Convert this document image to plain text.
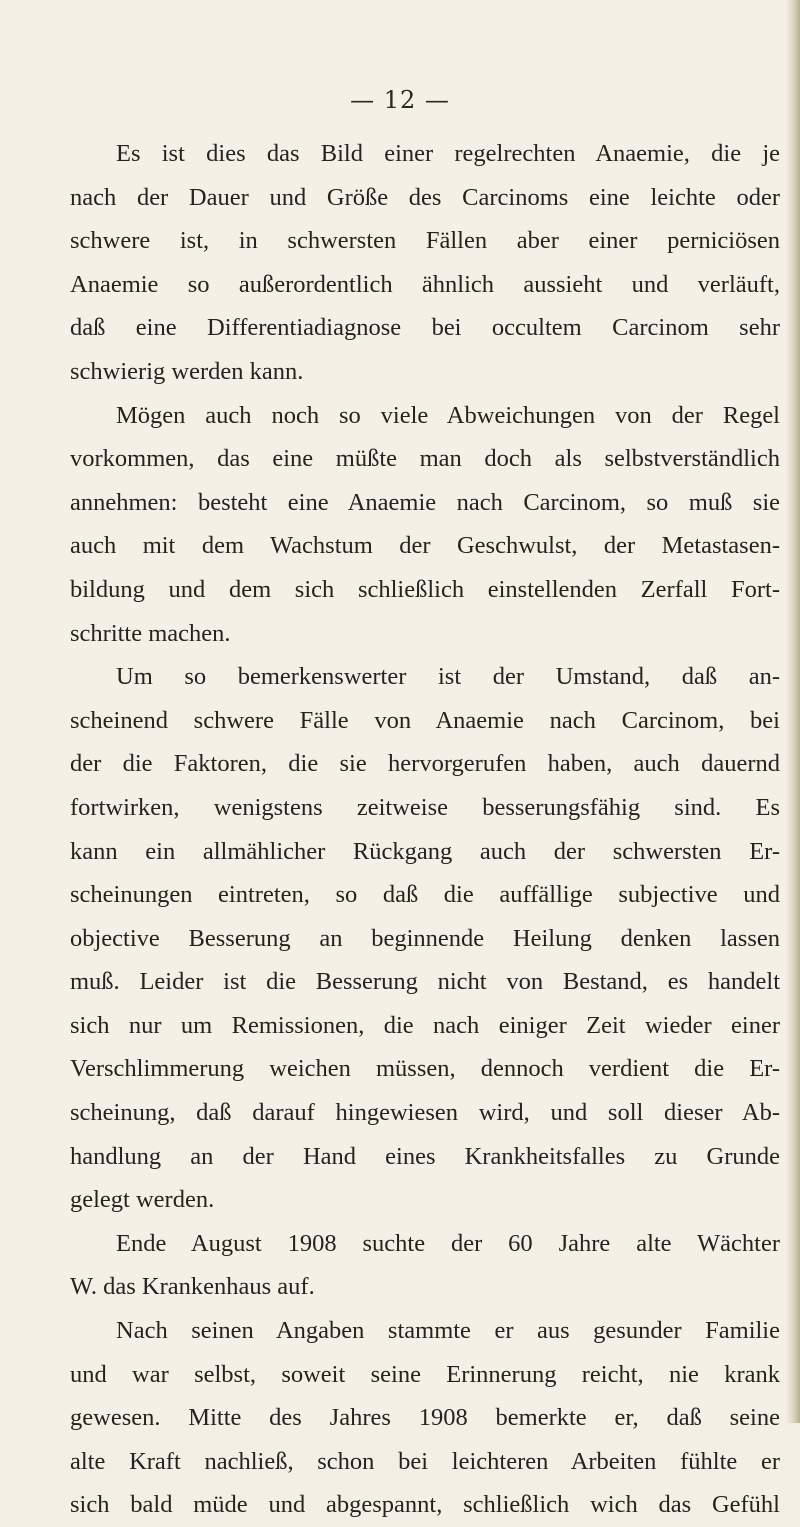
— 12 —
Es ist dies das Bild einer regelrechten Anaemie, die je
nach der Dauer und Größe des Carcinoms eine leichte oder
schwere ist, in schwersten Fällen aber einer perniciösen
Anaemie so außerordentlich ähnlich aussieht und verläuft,
daß eine Differentiadiagnose bei occultem Carcinom sehr
schwierig werden kann.
Mögen auch noch so viele Abweichungen von der Regel
vorkommen, das eine müßte man doch als selbstverständlich
annehmen: besteht eine Anaemie nach Carcinom, so muß sie
auch mit dem Wachstum der Geschwulst, der Metastasen-
bildung und dem sich schließlich einstellenden Zerfall Fort-
schritte machen.
Um so bemerkenswerter ist der Umstand, daß an-
scheinend schwere Fälle von Anaemie nach Carcinom, bei
der die Faktoren, die sie hervorgerufen haben, auch dauernd
fortwirken, wenigstens zeitweise besserungsfähig sind. Es
kann ein allmählicher Rückgang auch der schwersten Er-
scheinungen eintreten, so daß die auffällige subjective und
objective Besserung an beginnende Heilung denken lassen
muß. Leider ist die Besserung nicht von Bestand, es handelt
sich nur um Remissionen, die nach einiger Zeit wieder einer
Verschlimmerung weichen müssen, dennoch verdient die Er-
scheinung, daß darauf hingewiesen wird, und soll dieser Ab-
handlung an der Hand eines Krankheitsfalles zu Grunde
gelegt werden.
Ende August 1908 suchte der 60 Jahre alte Wächter
W. das Krankenhaus auf.
Nach seinen Angaben stammte er aus gesunder Familie
und war selbst, soweit seine Erinnerung reicht, nie krank
gewesen. Mitte des Jahres 1908 bemerkte er, daß seine
alte Kraft nachließ, schon bei leichteren Arbeiten fühlte er
sich bald müde und abgespannt, schließlich wich das Gefühl
